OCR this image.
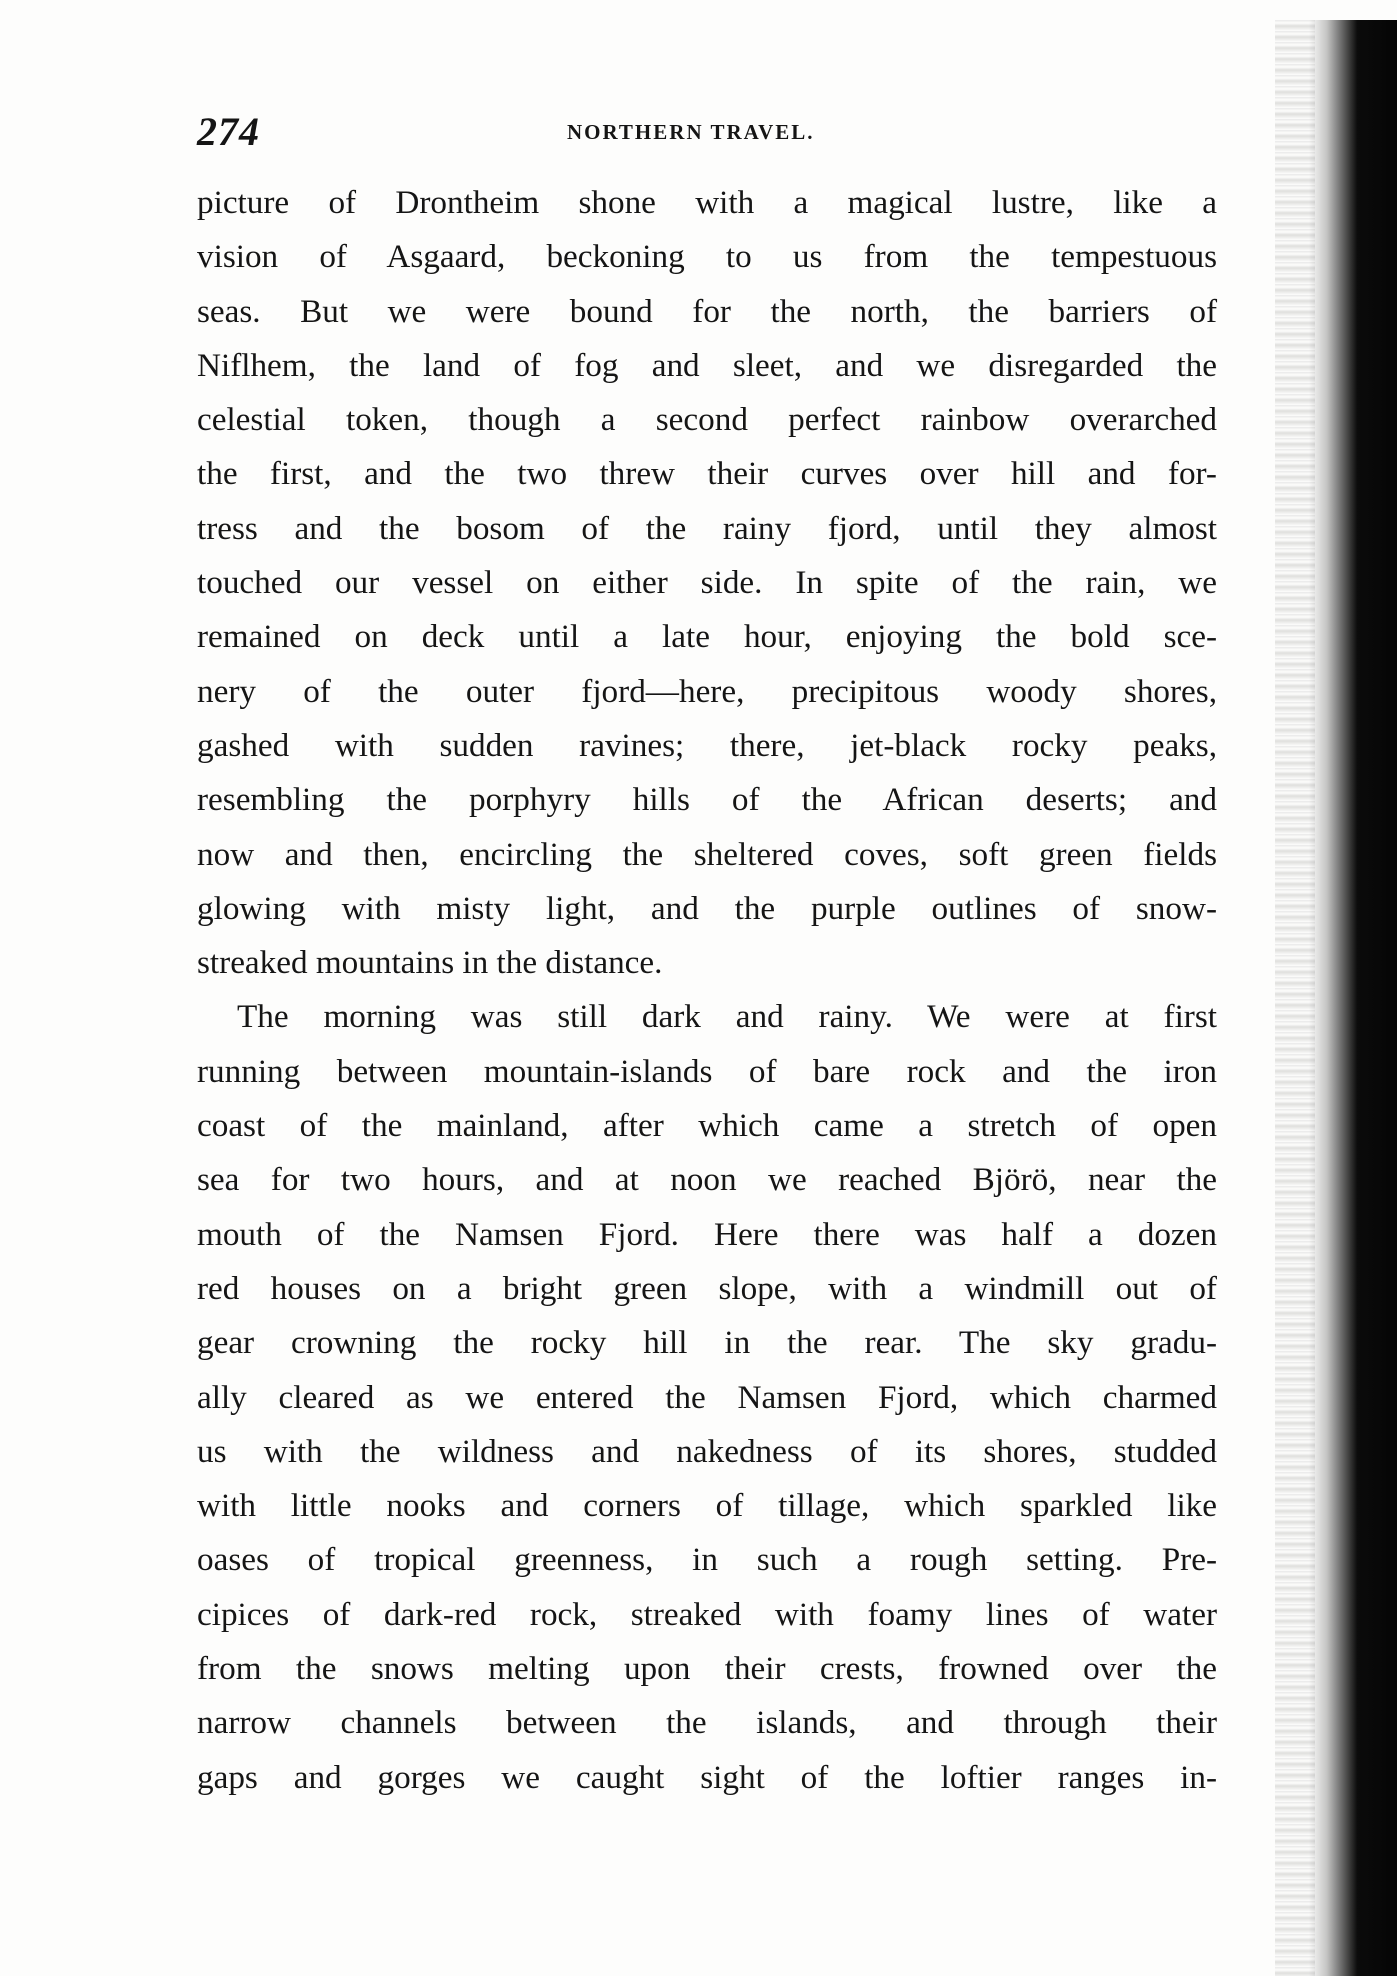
274	NORTHERN TRAVEL.
picture of Drontheim shone with a magical lustre, like a
vision of Asgaard, beckoning to us from the tempestuous
seas. But we were bound for the north, the barriers of
Niflhem, the land of fog and sleet, and we disregarded the
celestial token, though a second perfect rainbow overarched
the first, and the two threw their curves over hill and for-
tress and the bosom of the rainy fjord, until they almost
touched our vessel on either side. In spite of the rain, we
remained on deck until a late hour, enjoying the bold sce-
nery of the outer fjord—here, precipitous woody shores,
gashed with sudden ravines; there, jet-black rocky peaks,
resembling the porphyry hills of the African deserts; and
now and then, encircling the sheltered coves, soft green fields
glowing with misty light, and the purple outlines of snow-
streaked mountains in the distance.
The morning was still dark and rainy. We were at first
running between mountain-islands of bare rock and the iron
coast of the mainland, after which came a stretch of open
sea for two hours, and at noon we reached Björö, near the
mouth of the Namsen Fjord. Here there was half a dozen
red houses on a bright green slope, with a windmill out of
gear crowning the rocky hill in the rear. The sky gradu-
ally cleared as we entered the Namsen Fjord, which charmed
us with the wildness and nakedness of its shores, studded
with little nooks and corners of tillage, which sparkled like
oases of tropical greenness, in such a rough setting. Pre-
cipices of dark-red rock, streaked with foamy lines of water
from the snows melting upon their crests, frowned over the
narrow channels between the islands, and through their
gaps and gorges we caught sight of the loftier ranges in-
